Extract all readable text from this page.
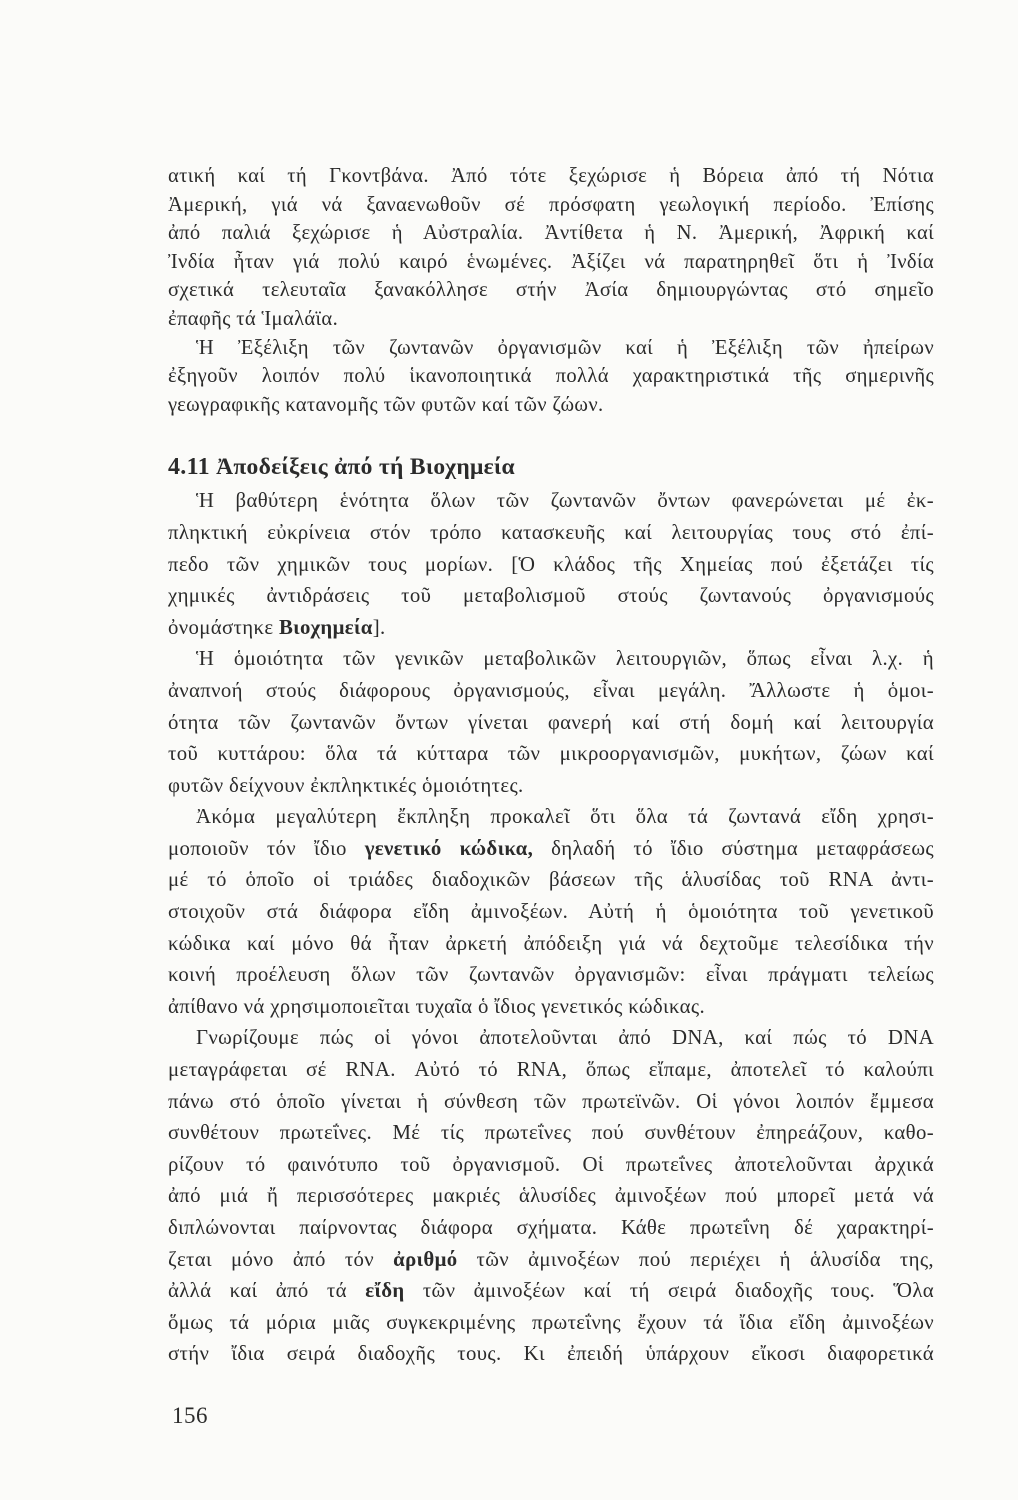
ατική καί τή Γκοντβάνα. Ἀπό τότε ξεχώρισε ἡ Βόρεια ἀπό τή Νότια
Ἀμερική, γιά νά ξαναενωθοῦν σέ πρόσφατη γεωλογική περίοδο. Ἐπίσης
ἀπό παλιά ξεχώρισε ἡ Αὐστραλία. Ἀντίθετα ἡ Ν. Ἀμερική, Ἀφρική καί
Ἰνδία ἦταν γιά πολύ καιρό ἑνωμένες. Ἀξίζει νά παρατηρηθεῖ ὅτι ἡ Ἰνδία
σχετικά τελευταῖα ξανακόλλησε στήν Ἀσία δημιουργώντας στό σημεῖο
ἐπαφῆς τά Ἱμαλάϊα.
Ἡ Ἐξέλιξη τῶν ζωντανῶν ὀργανισμῶν καί ἡ Ἐξέλιξη τῶν ἠπείρων
ἐξηγοῦν λοιπόν πολύ ἱκανοποιητικά πολλά χαρακτηριστικά τῆς σημερινῆς
γεωγραφικῆς κατανομῆς τῶν φυτῶν καί τῶν ζώων.
4.11 Ἀποδείξεις ἀπό τή Βιοχημεία
Ἡ βαθύτερη ἑνότητα ὅλων τῶν ζωντανῶν ὄντων φανερώνεται μέ ἐκ-
πληκτική εὐκρίνεια στόν τρόπο κατασκευῆς καί λειτουργίας τους στό ἐπί-
πεδο τῶν χημικῶν τους μορίων. [Ὁ κλάδος τῆς Χημείας πού ἐξετάζει τίς
χημικές ἀντιδράσεις τοῦ μεταβολισμοῦ στούς ζωντανούς ὀργανισμούς
ὀνομάστηκε Βιοχημεία].
Ἡ ὁμοιότητα τῶν γενικῶν μεταβολικῶν λειτουργιῶν, ὅπως εἶναι λ.χ. ἡ
ἀναπνοή στούς διάφορους ὀργανισμούς, εἶναι μεγάλη. Ἄλλωστε ἡ ὁμοι-
ότητα τῶν ζωντανῶν ὄντων γίνεται φανερή καί στή δομή καί λειτουργία
τοῦ κυττάρου: ὅλα τά κύτταρα τῶν μικροοργανισμῶν, μυκήτων, ζώων καί
φυτῶν δείχνουν ἐκπληκτικές ὁμοιότητες.
Ἀκόμα μεγαλύτερη ἔκπληξη προκαλεῖ ὅτι ὅλα τά ζωντανά εἴδη χρησι-
μοποιοῦν τόν ἴδιο γενετικό κώδικα, δηλαδή τό ἴδιο σύστημα μεταφράσεως
μέ τό ὁποῖο οἱ τριάδες διαδοχικῶν βάσεων τῆς ἁλυσίδας τοῦ RNA ἀντι-
στοιχοῦν στά διάφορα εἴδη ἀμινοξέων. Αὐτή ἡ ὁμοιότητα τοῦ γενετικοῦ
κώδικα καί μόνο θά ἦταν ἀρκετή ἀπόδειξη γιά νά δεχτοῦμε τελεσίδικα τήν
κοινή προέλευση ὅλων τῶν ζωντανῶν ὀργανισμῶν: εἶναι πράγματι τελείως
ἀπίθανο νά χρησιμοποιεῖται τυχαῖα ὁ ἴδιος γενετικός κώδικας.
Γνωρίζουμε πώς οἱ γόνοι ἀποτελοῦνται ἀπό DNA, καί πώς τό DNA
μεταγράφεται σέ RNA. Αὐτό τό RNA, ὅπως εἴπαμε, ἀποτελεῖ τό καλούπι
πάνω στό ὁποῖο γίνεται ἡ σύνθεση τῶν πρωτεϊνῶν. Οἱ γόνοι λοιπόν ἔμμεσα
συνθέτουν πρωτεΐνες. Μέ τίς πρωτεΐνες πού συνθέτουν ἐπηρεάζουν, καθο-
ρίζουν τό φαινότυπο τοῦ ὀργανισμοῦ. Οἱ πρωτεΐνες ἀποτελοῦνται ἀρχικά
ἀπό μιά ἤ περισσότερες μακριές ἁλυσίδες ἀμινοξέων πού μπορεῖ μετά νά
διπλώνονται παίρνοντας διάφορα σχήματα. Κάθε πρωτεΐνη δέ χαρακτηρί-
ζεται μόνο ἀπό τόν ἀριθμό τῶν ἀμινοξέων πού περιέχει ἡ ἁλυσίδα της,
ἀλλά καί ἀπό τά εἴδη τῶν ἀμινοξέων καί τή σειρά διαδοχῆς τους. Ὅλα
ὅμως τά μόρια μιᾶς συγκεκριμένης πρωτεΐνης ἔχουν τά ἴδια εἴδη ἀμινοξέων
στήν ἴδια σειρά διαδοχῆς τους. Κι ἐπειδή ὑπάρχουν εἴκοσι διαφορετικά
156
